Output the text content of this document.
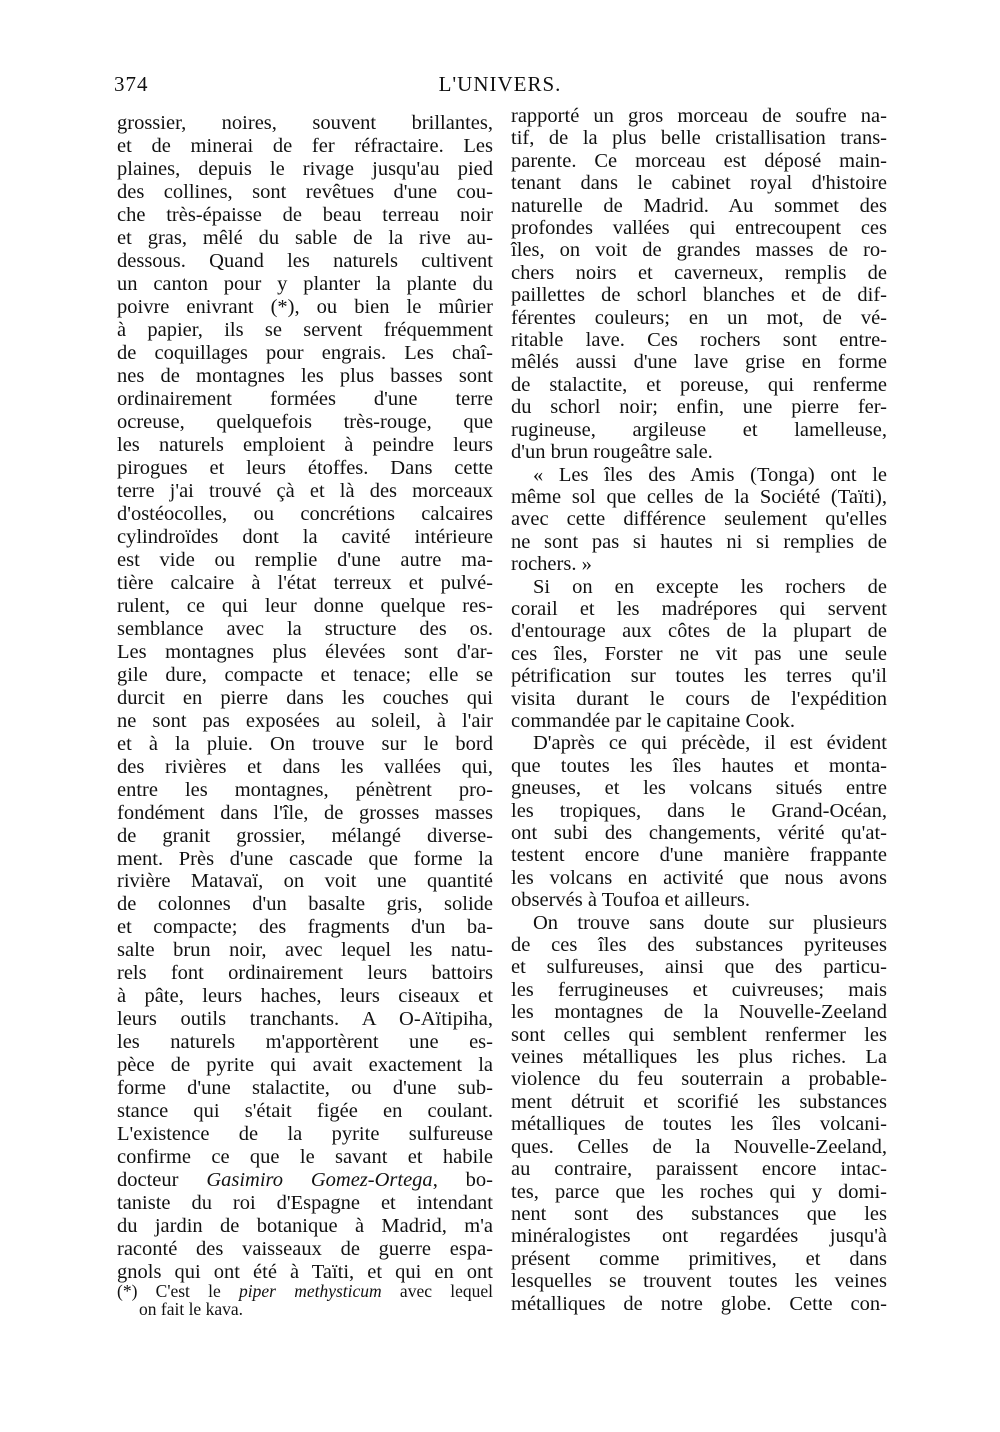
374	L'UNIVERS.
grossier, noires, souvent brillantes,
et de minerai de fer réfractaire. Les
plaines, depuis le rivage jusqu'au pied
des collines, sont revêtues d'une cou-
che très-épaisse de beau terreau noir
et gras, mêlé du sable de la rive au-
dessous. Quand les naturels cultivent
un canton pour y planter la plante du
poivre enivrant (*), ou bien le mûrier
à papier, ils se servent fréquemment
de coquillages pour engrais. Les chaî-
nes de montagnes les plus basses sont
ordinairement formées d'une terre
ocreuse, quelquefois très-rouge, que
les naturels emploient à peindre leurs
pirogues et leurs étoffes. Dans cette
terre j'ai trouvé çà et là des morceaux
d'ostéocolles, ou concrétions calcaires
cylindroïdes dont la cavité intérieure
est vide ou remplie d'une autre ma-
tière calcaire à l'état terreux et pulvé-
rulent, ce qui leur donne quelque res-
semblance avec la structure des os.
Les montagnes plus élevées sont d'ar-
gile dure, compacte et tenace; elle se
durcit en pierre dans les couches qui
ne sont pas exposées au soleil, à l'air
et à la pluie. On trouve sur le bord
des rivières et dans les vallées qui,
entre les montagnes, pénètrent pro-
fondément dans l'île, de grosses masses
de granit grossier, mélangé diverse-
ment. Près d'une cascade que forme la
rivière Matavaï, on voit une quantité
de colonnes d'un basalte gris, solide
et compacte; des fragments d'un ba-
salte brun noir, avec lequel les natu-
rels font ordinairement leurs battoirs
à pâte, leurs haches, leurs ciseaux et
leurs outils tranchants. A O-Aïtipiha,
les naturels m'apportèrent une es-
pèce de pyrite qui avait exactement la
forme d'une stalactite, ou d'une sub-
stance qui s'était figée en coulant.
L'existence de la pyrite sulfureuse
confirme ce que le savant et habile
docteur Gasimiro Gomez-Ortega, bo-
taniste du roi d'Espagne et intendant
du jardin de botanique à Madrid, m'a
raconté des vaisseaux de guerre espa-
gnols qui ont été à Taïti, et qui en ont
(*) C'est le piper methysticum avec lequel
on fait le kava.
rapporté un gros morceau de soufre na-
tif, de la plus belle cristallisation trans-
parente. Ce morceau est déposé main-
tenant dans le cabinet royal d'histoire
naturelle de Madrid. Au sommet des
profondes vallées qui entrecoupent ces
îles, on voit de grandes masses de ro-
chers noirs et caverneux, remplis de
paillettes de schorl blanches et de dif-
férentes couleurs; en un mot, de vé-
ritable lave. Ces rochers sont entre-
mêlés aussi d'une lave grise en forme
de stalactite, et poreuse, qui renferme
du schorl noir; enfin, une pierre fer-
rugineuse, argileuse et lamelleuse,
d'un brun rougeâtre sale.
« Les îles des Amis (Tonga) ont le
même sol que celles de la Société (Taïti),
avec cette différence seulement qu'elles
ne sont pas si hautes ni si remplies de
rochers. »
Si on en excepte les rochers de
corail et les madrépores qui servent
d'entourage aux côtes de la plupart de
ces îles, Forster ne vit pas une seule
pétrification sur toutes les terres qu'il
visita durant le cours de l'expédition
commandée par le capitaine Cook.
D'après ce qui précède, il est évident
que toutes les îles hautes et monta-
gneuses, et les volcans situés entre
les tropiques, dans le Grand-Océan,
ont subi des changements, vérité qu'at-
testent encore d'une manière frappante
les volcans en activité que nous avons
observés à Toufoa et ailleurs.
On trouve sans doute sur plusieurs
de ces îles des substances pyriteuses
et sulfureuses, ainsi que des particu-
les ferrugineuses et cuivreuses; mais
les montagnes de la Nouvelle-Zeeland
sont celles qui semblent renfermer les
veines métalliques les plus riches. La
violence du feu souterrain a probable-
ment détruit et scorifié les substances
métalliques de toutes les îles volcani-
ques. Celles de la Nouvelle-Zeeland,
au contraire, paraissent encore intac-
tes, parce que les roches qui y domi-
nent sont des substances que les
minéralogistes ont regardées jusqu'à
présent comme primitives, et dans
lesquelles se trouvent toutes les veines
métalliques de notre globe. Cette con-
